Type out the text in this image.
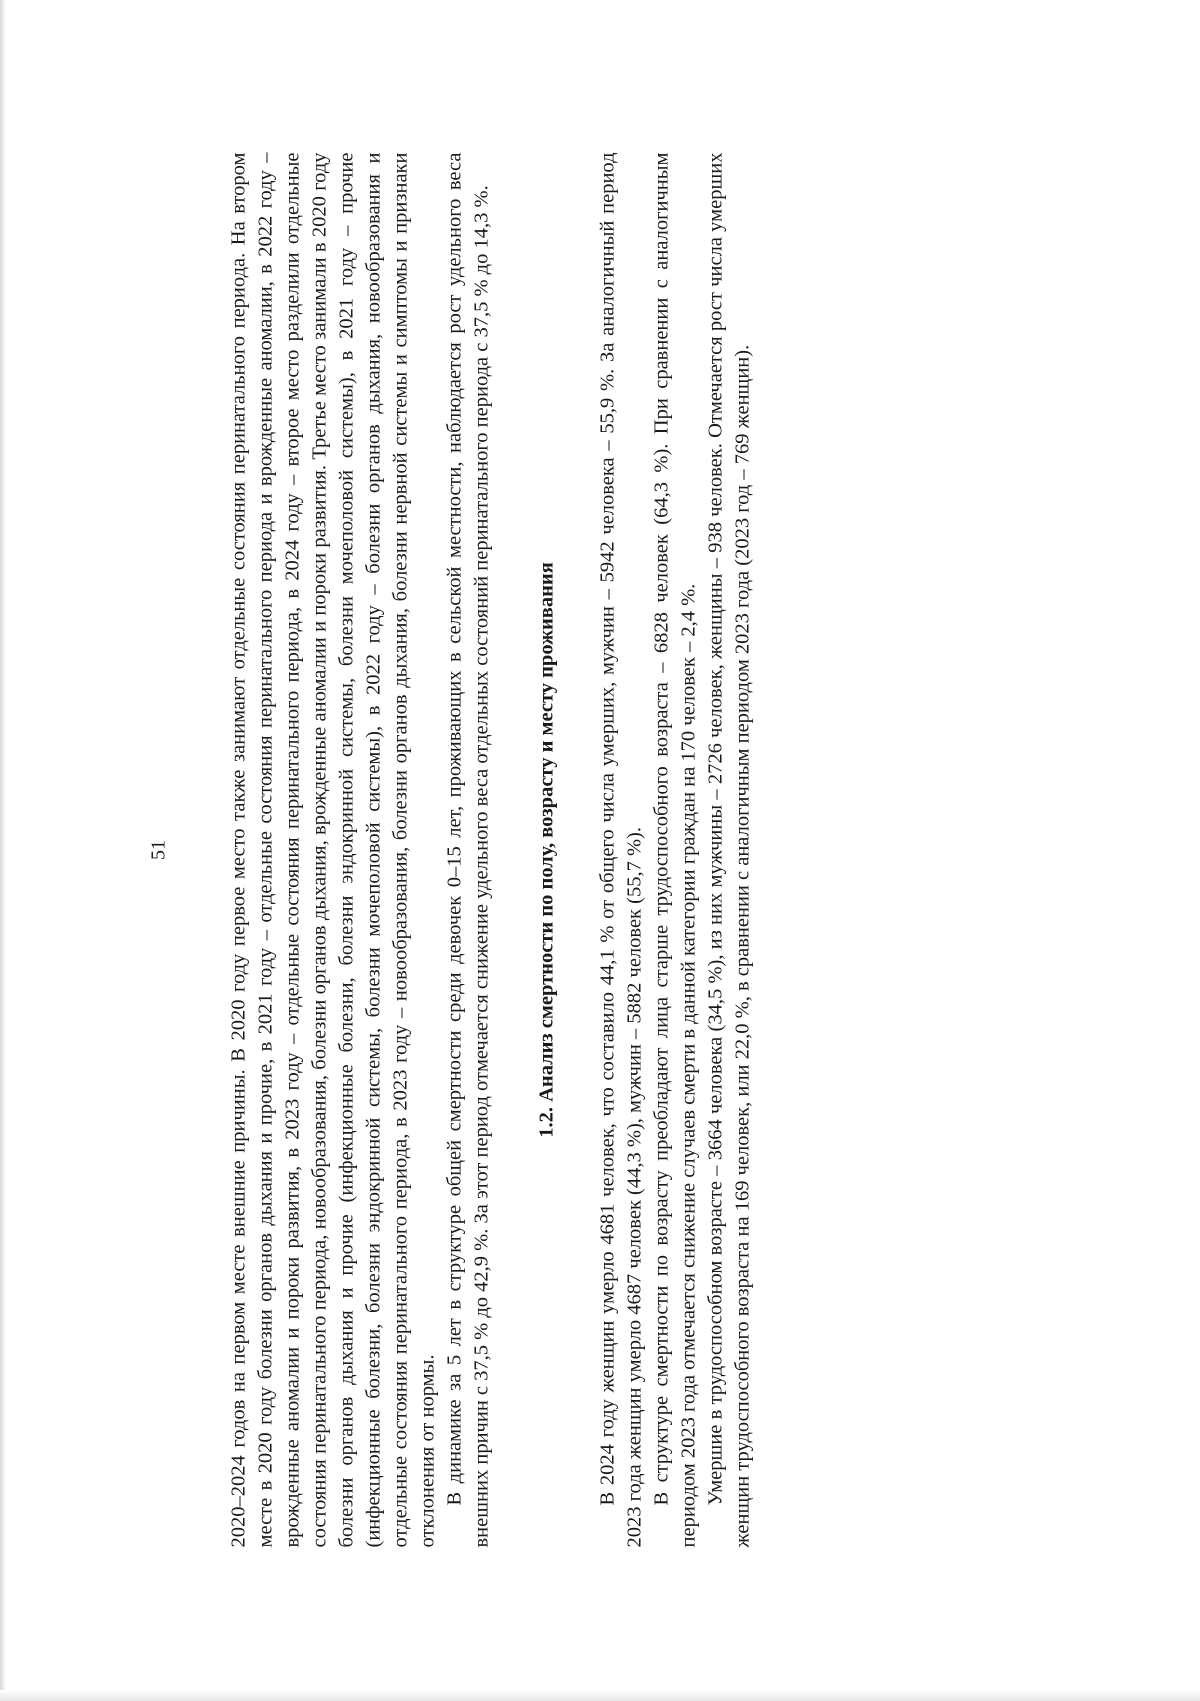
51	2020–2024 годов на первом месте внешние причины. В 2020 году первое место также занимают отдельные состояния перинатального периода. На втором месте в 2020 году болезни органов дыхания и прочие, в 2021 году – отдельные состояния перинатального периода и врожденные аномалии, в 2022 году – врожденные аномалии и пороки развития, в 2023 году – отдельные состояния перинатального периода, в 2024 году – второе место разделили отдельные состояния перинатального периода, новообразования, болезни органов дыхания, врожденные аномалии и пороки развития. Третье место занимали в 2020 году болезни органов дыхания и прочие (инфекционные болезни, болезни эндокринной системы, болезни мочеполовой системы), в 2021 году – прочие (инфекционные болезни, болезни эндокринной системы, болезни мочеполовой системы), в 2022 году – болезни органов дыхания, новообразования и отдельные состояния перинатального периода, в 2023 году – новообразования, болезни органов дыхания, болезни нервной системы и симптомы и признаки отклонения от нормы. В динамике за 5 лет в структуре общей смертности среди девочек 0–15 лет, проживающих в сельской местности, наблюдается рост удельного веса внешних причин с 37,5 % до 42,9 %. За этот период отмечается снижение удельного веса отдельных состояний перинатального периода с 37,5 % до 14,3 %. 1.2. Анализ смертности по полу, возрасту и месту проживания В 2024 году женщин умерло 4681 человек, что составило 44,1 % от общего числа умерших, мужчин – 5942 человека – 55,9 %. За аналогичный период 2023 года женщин умерло 4687 человек (44,3 %), мужчин – 5882 человек (55,7 %). В структуре смертности по возрасту преобладают лица старше трудоспособного возраста – 6828 человек (64,3 %). При сравнении с аналогичным периодом 2023 года отмечается снижение случаев смерти в данной категории граждан на 170 человек – 2,4 %. Умершие в трудоспособном возрасте – 3664 человека (34,5 %), из них мужчины – 2726 человек, женщины – 938 человек. Отмечается рост числа умерших женщин трудоспособного возраста на 169 человек, или 22,0 %, в сравнении с аналогичным периодом 2023 года (2023 год – 769 женщин).
